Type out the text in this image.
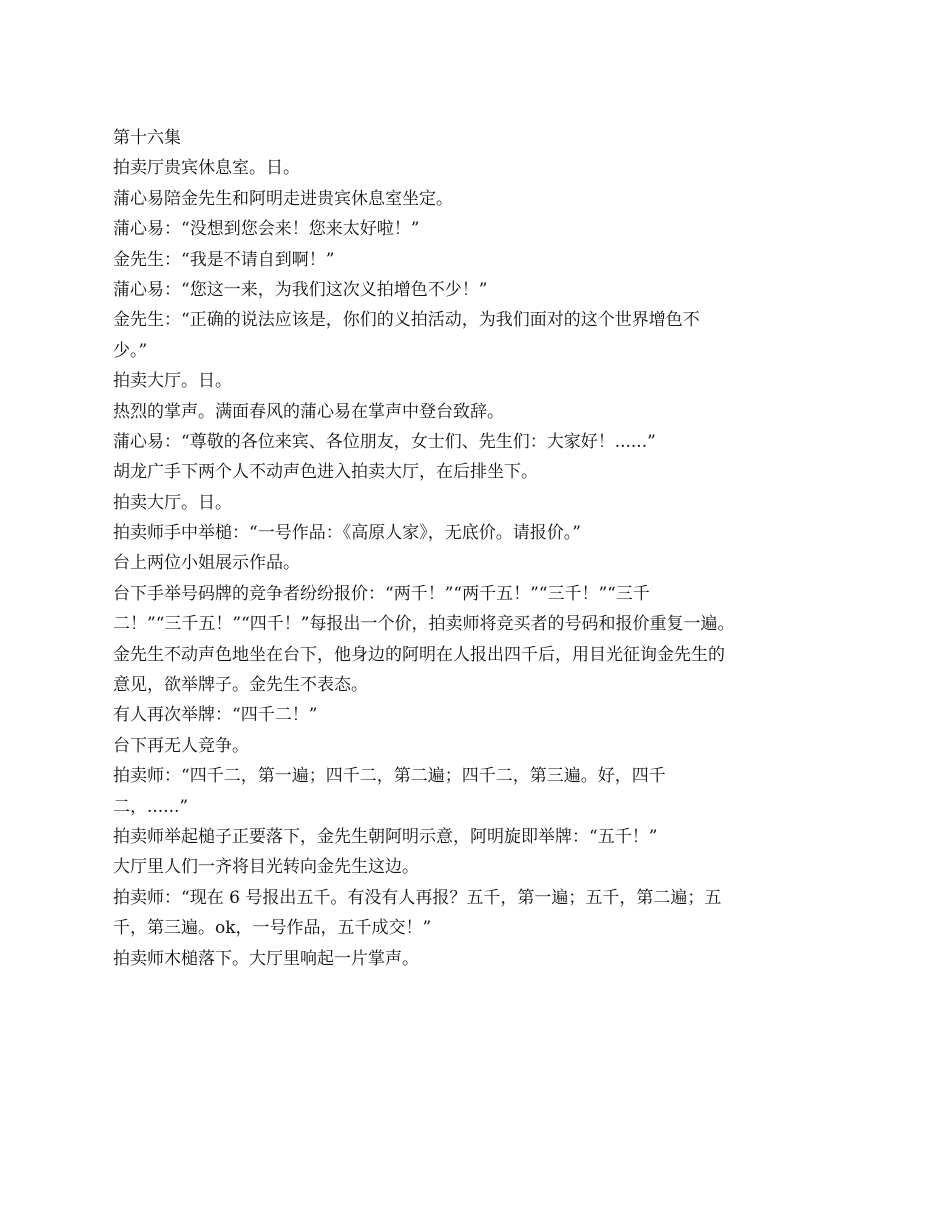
第十六集
拍卖厅贵宾休息室。日。
蒲心易陪金先生和阿明走进贵宾休息室坐定。
蒲心易：“没想到您会来！您来太好啦！”
金先生：“我是不请自到啊！”
蒲心易：“您这一来，为我们这次义拍增色不少！”
金先生：“正确的说法应该是，你们的义拍活动，为我们面对的这个世界增色不
少。”
拍卖大厅。日。
热烈的掌声。满面春风的蒲心易在掌声中登台致辞。
蒲心易：“尊敬的各位来宾、各位朋友，女士们、先生们：大家好！......”
胡龙广手下两个人不动声色进入拍卖大厅，在后排坐下。
拍卖大厅。日。
拍卖师手中举槌：“一号作品：《高原人家》，无底价。请报价。”
台上两位小姐展示作品。
台下手举号码牌的竞争者纷纷报价：“两千！”“两千五！”“三千！”“三千
二！”“三千五！”“四千！”每报出一个价，拍卖师将竞买者的号码和报价重复一遍。
金先生不动声色地坐在台下，他身边的阿明在人报出四千后，用目光征询金先生的
意见，欲举牌子。金先生不表态。
有人再次举牌：“四千二！”
台下再无人竞争。
拍卖师：“四千二，第一遍；四千二，第二遍；四千二，第三遍。好，四千
二，......”
拍卖师举起槌子正要落下，金先生朝阿明示意，阿明旋即举牌：“五千！”
大厅里人们一齐将目光转向金先生这边。
拍卖师：“现在 6 号报出五千。有没有人再报？五千，第一遍；五千，第二遍；五
千，第三遍。ok，一号作品，五千成交！”
拍卖师木槌落下。大厅里响起一片掌声。
